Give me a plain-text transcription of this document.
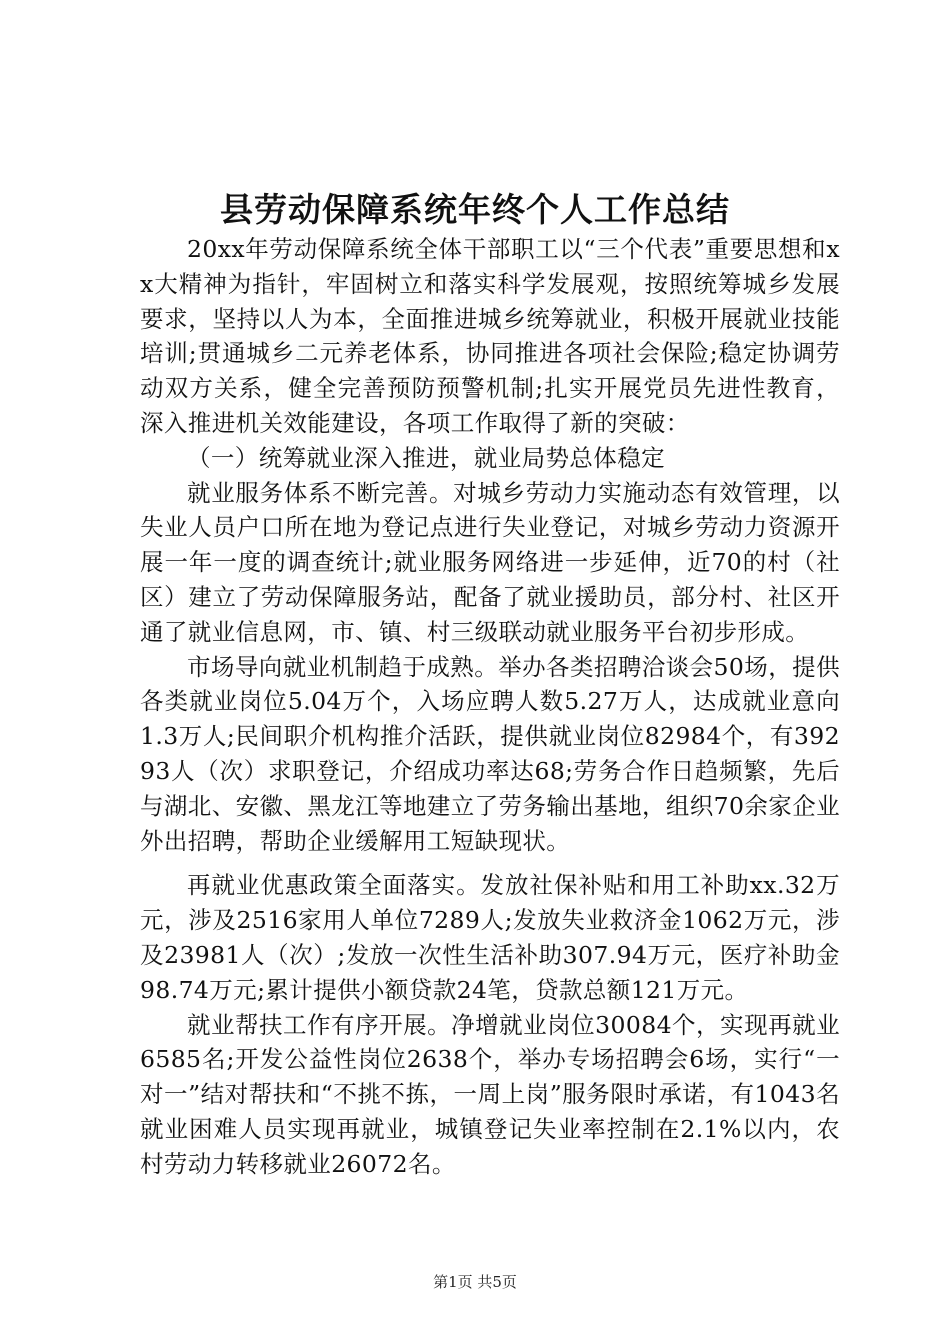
县劳动保障系统年终个人工作总结

20xx年劳动保障系统全体干部职工以“三个代表”重要思想和xx大精神为指针，牢固树立和落实科学发展观，按照统筹城乡发展要求，坚持以人为本，全面推进城乡统筹就业，积极开展就业技能培训;贯通城乡二元养老体系，协同推进各项社会保险;稳定协调劳动双方关系，健全完善预防预警机制;扎实开展党员先进性教育，深入推进机关效能建设，各项工作取得了新的突破：

（一）统筹就业深入推进，就业局势总体稳定

就业服务体系不断完善。对城乡劳动力实施动态有效管理，以失业人员户口所在地为登记点进行失业登记，对城乡劳动力资源开展一年一度的调查统计;就业服务网络进一步延伸，近70的村（社区）建立了劳动保障服务站，配备了就业援助员，部分村、社区开通了就业信息网，市、镇、村三级联动就业服务平台初步形成。

市场导向就业机制趋于成熟。举办各类招聘洽谈会50场，提供各类就业岗位5.04万个，入场应聘人数5.27万人，达成就业意向1.3万人;民间职介机构推介活跃，提供就业岗位82984个，有39293人（次）求职登记，介绍成功率达68;劳务合作日趋频繁，先后与湖北、安徽、黑龙江等地建立了劳务输出基地，组织70余家企业外出招聘，帮助企业缓解用工短缺现状。

再就业优惠政策全面落实。发放社保补贴和用工补助xx.32万元，涉及2516家用人单位7289人;发放失业救济金1062万元，涉及23981人（次）;发放一次性生活补助307.94万元，医疗补助金98.74万元;累计提供小额贷款24笔，贷款总额121万元。

就业帮扶工作有序开展。净增就业岗位30084个，实现再就业6585名;开发公益性岗位2638个，举办专场招聘会6场，实行“一对一”结对帮扶和“不挑不拣，一周上岗”服务限时承诺，有1043名就业困难人员实现再就业，城镇登记失业率控制在2.1%以内，农村劳动力转移就业26072名。

第1页 共5页
